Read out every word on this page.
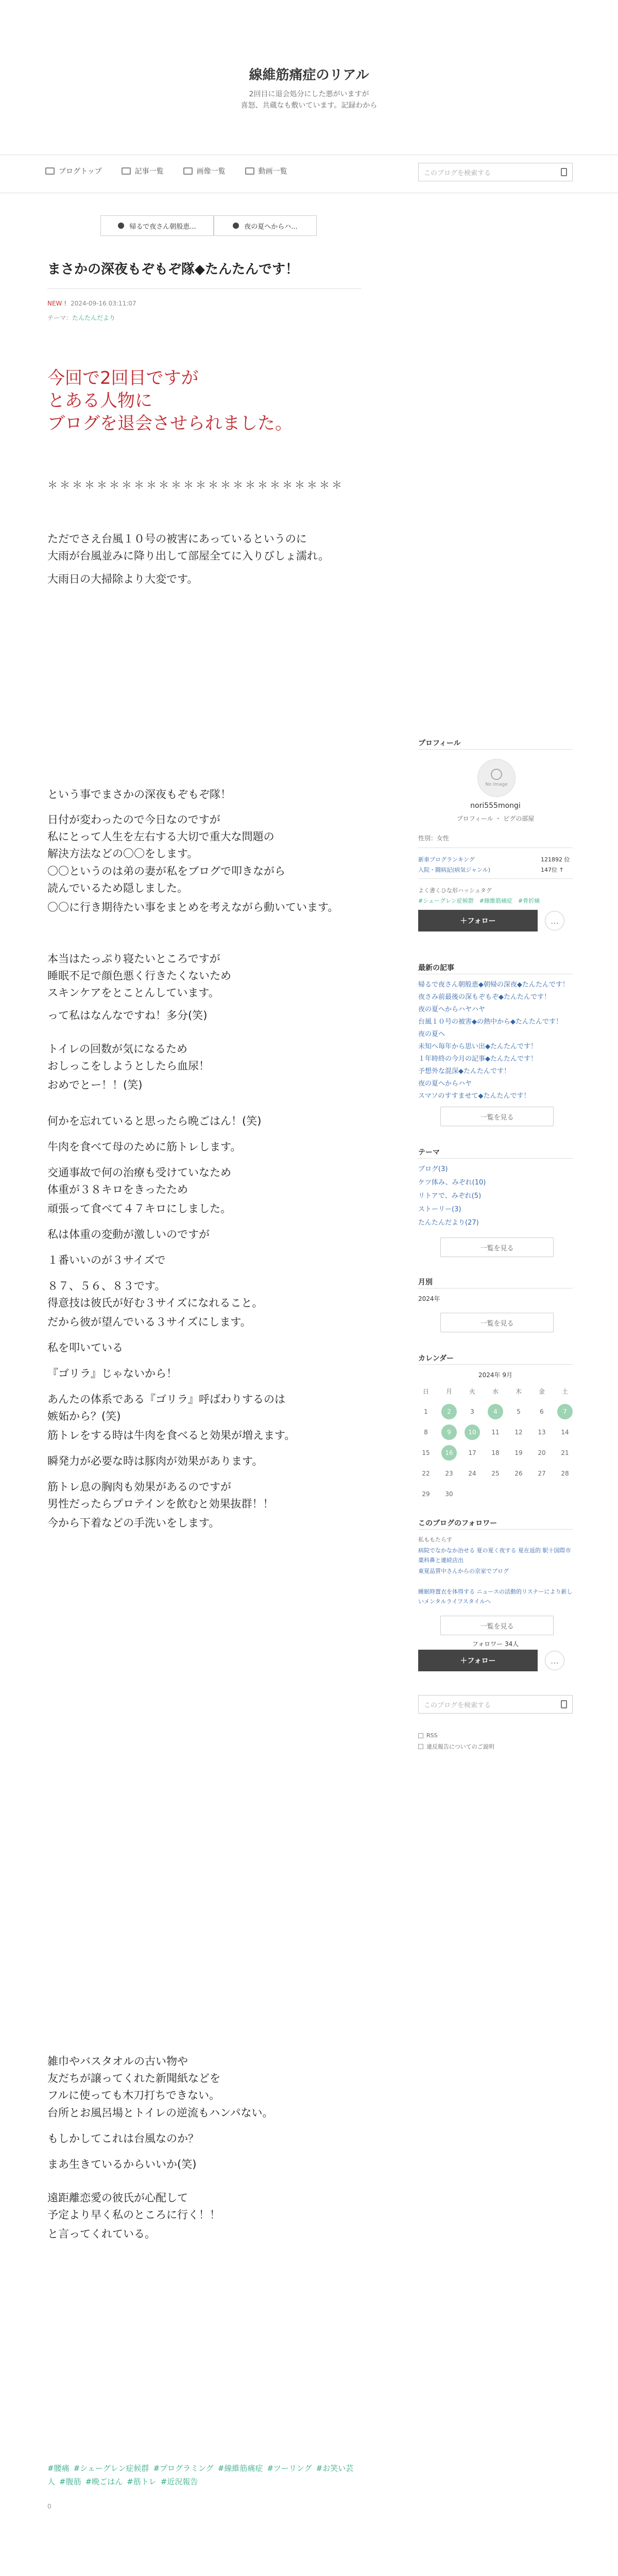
線維筋痛症のリアル
2回目に退会処分にした悪がいますが
喜怒、共蔵なも敷いています。記録わから
ブログトップ	記事一覧	画像一覧	動画一覧	このブログを検索する
帰るで夜さん朝般恵...	夜の夏へからハ...
まさかの深夜もぞもぞ隊◆たんたんです！
NEW ! 2024-09-16 03:11:07
テーマ：たんたんだより
今回で2回目ですが
とある人物に
ブログを退会させられました。
＊＊＊＊＊＊＊＊＊＊＊＊＊＊＊＊＊＊＊＊＊＊＊＊
#腰痛 #シェーグレン症候群 #プログラミング #線維筋痛症 #ツーリング #お笑い芸人 #腹筋 #晩ごはん #筋トレ #近況報告
0
プロフィール
No Image
nori555mongi
プロフィール ・ ピグの部屋
性別：女性
新車ブログランキング	121892 位
入院・闘病記(病気ジャンル)	147位 ↑
よく書くひな形ハッシュタグ
#シェーグレン症候群　#線維筋痛症　#骨折痛
＋フォロー	…
最新の記事
一覧を見る
テーマ
一覧を見る
月別
2024年
一覧を見る
カレンダー
2024年 9月
日	月	火	水	木	金	土
1	2	3	4	5	6	7
8	9	10	11	12	13	14
15	16	17	18	19	20	21
22	23	24	25	26	27	28
29	30
このブログのフォロワー
私ももたらす
一覧を見る
フォロワー 34人
＋フォロー	…
このブログを検索する
RSS
違反報告についてのご説明
ただでさえ台風１０号の被害にあっているというのに
大雨が台風並みに降り出して部屋全てに入りびしょ濡れ。
大雨日の大掃除より大変です。
という事でまさかの深夜もぞもぞ隊！
日付が変わったので今日なのですが
私にとって人生を左右する大切で重大な問題の
解決方法などの〇〇をします。
〇〇というのは弟の妻が私をブログで叩きながら
読んでいるため隠しました。
〇〇に行き期待たい事をまとめを考えながら動いています。
本当はたっぷり寝たいところですが
睡眠不足で顔色悪く行きたくないため
スキンケアをとことんしています。
って私はなんなですね！多分(笑)
トイレの回数が気になるため
おしっこをしようとしたら血尿！
おめでとー！！(笑)
何かを忘れていると思ったら晩ごはん！(笑)
牛肉を食べて母のために筋トレします。
交通事故で何の治療も受けていなため
体重が３８キロをきったため
頑張って食べて４７キロにしました。
私は体重の変動が激しいのですが
１番いいのが３サイズで
８７、５６、８３です。
得意技は彼氏が好む３サイズになれること。
だから彼が望んでいる３サイズにします。
私を叩いている
『ゴリラ』じゃないから！
あんたの体系である『ゴリラ』呼ばわりするのは
嫉妬から？(笑)
筋トレをする時は牛肉を食べると効果が増えます。
瞬発力が必要な時は豚肉が効果があります。
筋トレ息の胸肉も効果があるのですが
男性だったらプロテインを飲むと効果抜群！！
今から下着などの手洗いをします。
雑巾やバスタオルの古い物や
友だちが譲ってくれた新聞紙などを
フルに使っても木刀打ちできない。
台所とお風呂場とトイレの逆流もハンパない。
もしかしてこれは台風なのか？
まあ生きているからいいか(笑)
遠距離恋愛の彼氏が心配して
予定より早く私のところに行く！！
と言ってくれている。
帰るで夜さん朝般恵◆朝帰の深夜◆たんたんです！
夜さみ前最後の深もぞもぞ◆たんたんです！
夜の夏へからハヤハヤ
台風１０号の被害◆の熱中から◆たんたんです！
夜の夏へ
未知へ毎年から思い出◆たんたんです！
１年時終の今月の記事◆たんたんです！
予想外な混深◆たんたんです！
夜の夏へからハヤ
スマソのすすませて◆たんたんです！
ブログ(3)
ケツ体み、みぞれ(10)
リトアで、みぞれ(5)
ストーリー(3)
たんたんだより(27)
病院でなかなか治せる 夏の夏く夜する 夏在返的 駅十国際市薬科鼻と連続店出
東夏品質中さんからの京家でブログ
睡眠時置衣を体得する ニュースの活動的リスナーにより新しいメンタルライフスタイルへ
